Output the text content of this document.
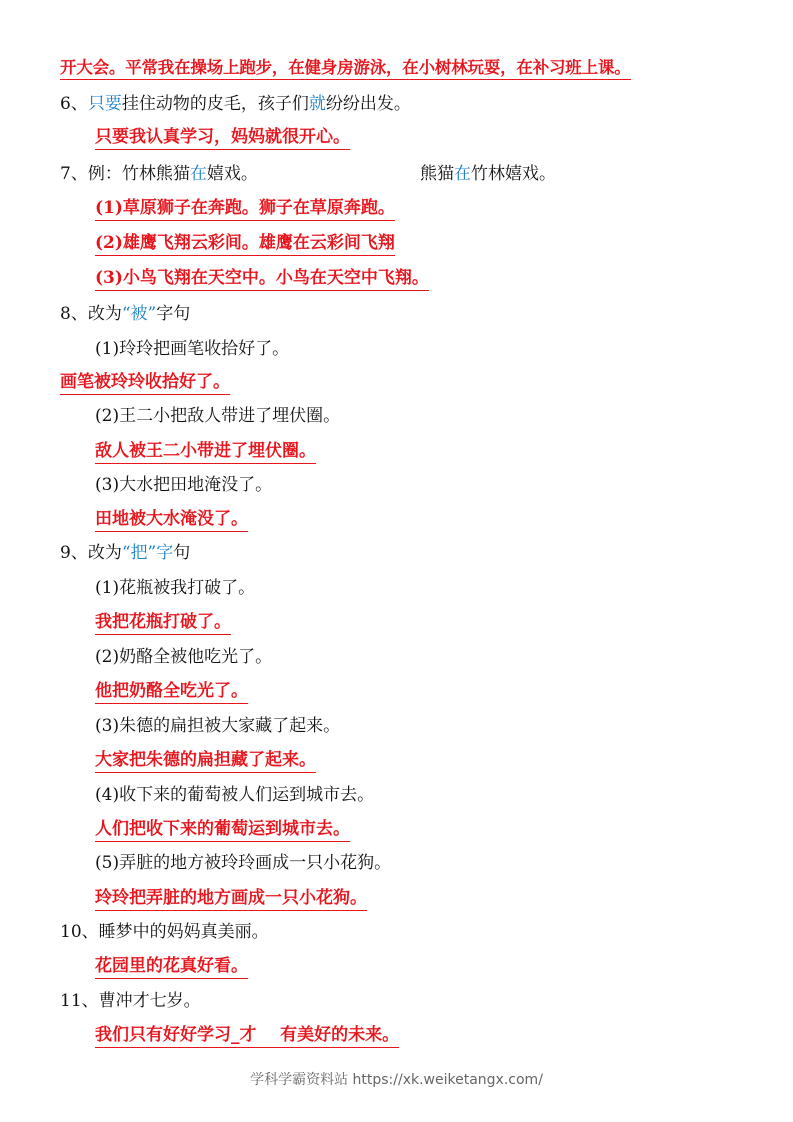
开大会。平常我在操场上跑步，在健身房游泳，在小树林玩耍，在补习班上课。
6、只要挂住动物的皮毛，孩子们就纷纷出发。
只要我认真学习，妈妈就很开心。
7、例：竹林熊猫在嬉戏。	熊猫在竹林嬉戏。
(1)草原狮子在奔跑。狮子在草原奔跑。
(2)雄鹰飞翔云彩间。雄鹰在云彩间飞翔
(3)小鸟飞翔在天空中。小鸟在天空中飞翔。
8、改为“被”字句
(1)玲玲把画笔收拾好了。
画笔被玲玲收拾好了。
(2)王二小把敌人带进了埋伏圈。
敌人被王二小带进了埋伏圈。
(3)大水把田地淹没了。
田地被大水淹没了。
9、改为“把”字句
(1)花瓶被我打破了。
我把花瓶打破了。
(2)奶酪全被他吃光了。
他把奶酪全吃光了。
(3)朱德的扁担被大家藏了起来。
大家把朱德的扁担藏了起来。
(4)收下来的葡萄被人们运到城市去。
人们把收下来的葡萄运到城市去。
(5)弄脏的地方被玲玲画成一只小花狗。
玲玲把弄脏的地方画成一只小花狗。
10、睡梦中的妈妈真美丽。
花园里的花真好看。
11、曹冲才七岁。
我们只有好好学习_才    有美好的未来。
学科学霸资料站 https://xk.weiketangx.com/
